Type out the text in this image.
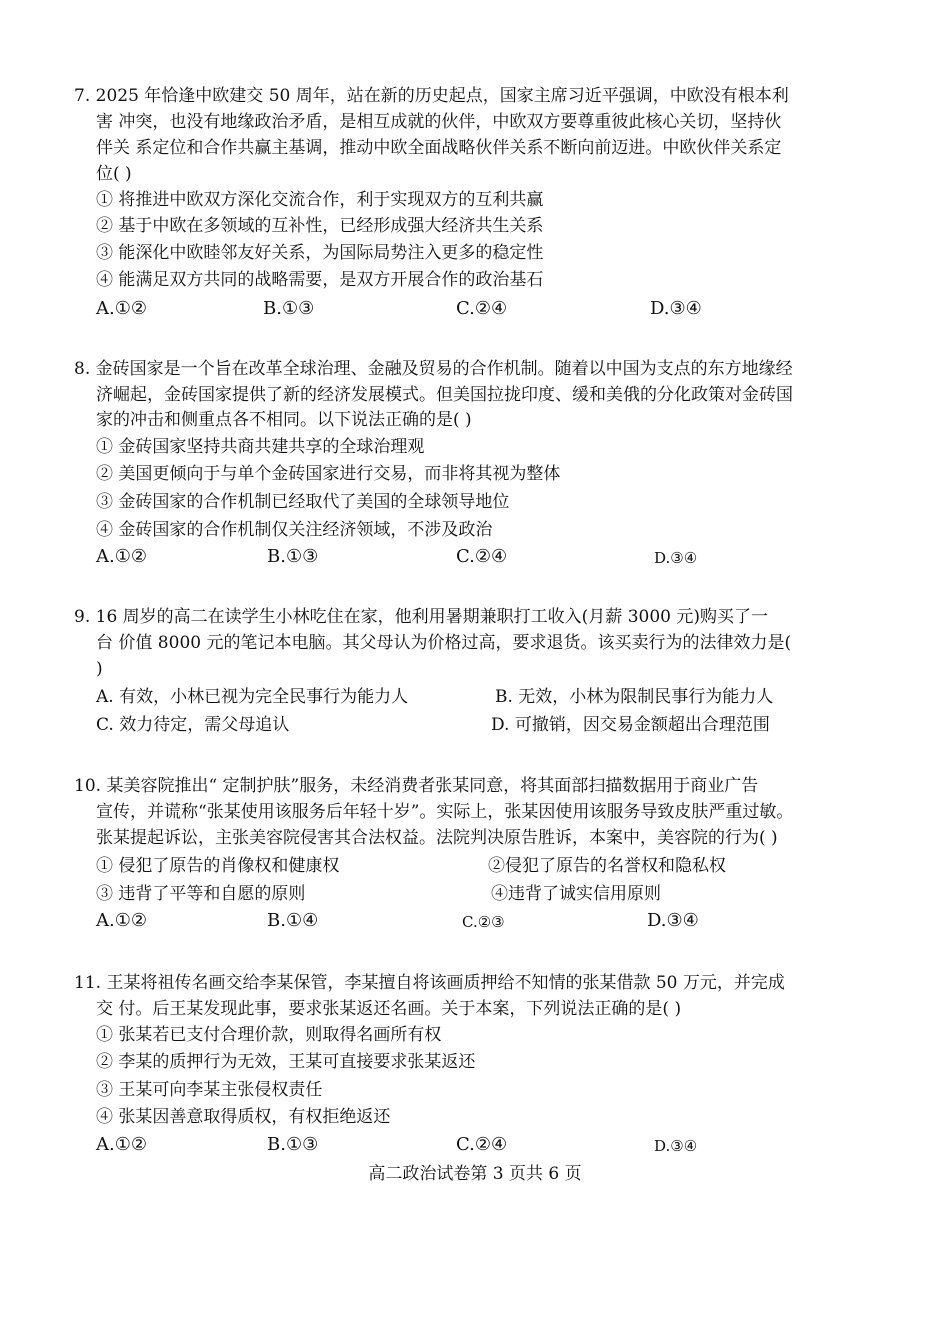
7. 2025 年恰逢中欧建交 50 周年，站在新的历史起点，国家主席习近平强调，中欧没有根本利
害 冲突，也没有地缘政治矛盾，是相互成就的伙伴，中欧双方要尊重彼此核心关切，坚持伙
伴关 系定位和合作共赢主基调，推动中欧全面战略伙伴关系不断向前迈进。中欧伙伴关系定
位( )
① 将推进中欧双方深化交流合作，利于实现双方的互利共赢
② 基于中欧在多领域的互补性，已经形成强大经济共生关系
③ 能深化中欧睦邻友好关系，为国际局势注入更多的稳定性
④ 能满足双方共同的战略需要，是双方开展合作的政治基石
A.①②	B.①③	C.②④	D.③④
8. 金砖国家是一个旨在改革全球治理、金融及贸易的合作机制。随着以中国为支点的东方地缘经
济崛起，金砖国家提供了新的经济发展模式。但美国拉拢印度、缓和美俄的分化政策对金砖国
家的冲击和侧重点各不相同。以下说法正确的是( )
① 金砖国家坚持共商共建共享的全球治理观
② 美国更倾向于与单个金砖国家进行交易，而非将其视为整体
③ 金砖国家的合作机制已经取代了美国的全球领导地位
④ 金砖国家的合作机制仅关注经济领域，不涉及政治
A.①②	B.①③	C.②④	D.③④
9. 16 周岁的高二在读学生小林吃住在家，他利用暑期兼职打工收入(月薪 3000 元)购买了一
台 价值 8000 元的笔记本电脑。其父母认为价格过高，要求退货。该买卖行为的法律效力是(
)
A. 有效，小林已视为完全民事行为能力人	B. 无效，小林为限制民事行为能力人
C. 效力待定，需父母追认	D. 可撤销，因交易金额超出合理范围
10. 某美容院推出“ 定制护肤”服务，未经消费者张某同意，将其面部扫描数据用于商业广告
宣传，并谎称“张某使用该服务后年轻十岁”。实际上，张某因使用该服务导致皮肤严重过敏。
张某提起诉讼，主张美容院侵害其合法权益。法院判决原告胜诉，本案中，美容院的行为( )
① 侵犯了原告的肖像权和健康权	②侵犯了原告的名誉权和隐私权
③ 违背了平等和自愿的原则	④违背了诚实信用原则
A.①②	B.①④	C.②③	D.③④
11. 王某将祖传名画交给李某保管，李某擅自将该画质押给不知情的张某借款 50 万元，并完成
交 付。后王某发现此事，要求张某返还名画。关于本案，下列说法正确的是( )
① 张某若已支付合理价款，则取得名画所有权
② 李某的质押行为无效，王某可直接要求张某返还
③ 王某可向李某主张侵权责任
④ 张某因善意取得质权，有权拒绝返还
A.①②	B.①③	C.②④	D.③④
高二政治试卷第 3 页共 6 页
